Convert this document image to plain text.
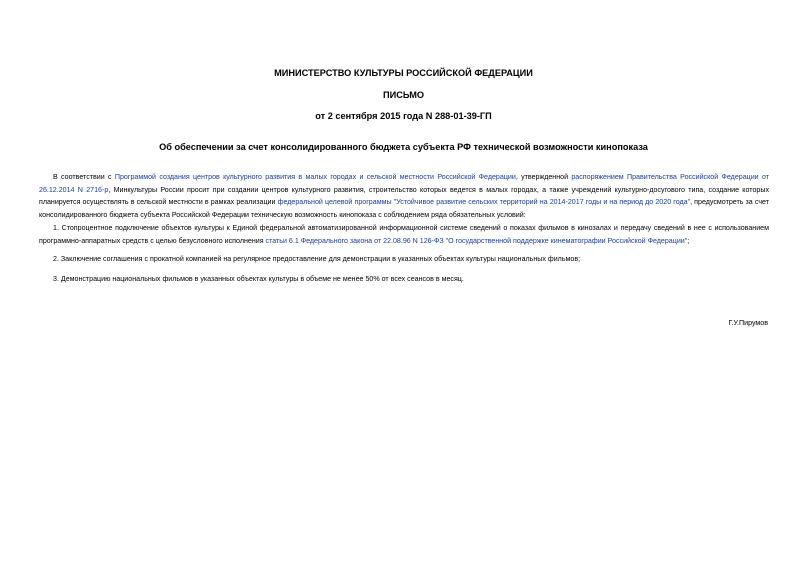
МИНИСТЕРСТВО КУЛЬТУРЫ РОССИЙСКОЙ ФЕДЕРАЦИИ
ПИСЬМО
от 2 сентября 2015 года N 288-01-39-ГП
Об обеспечении за счет консолидированного бюджета субъекта РФ технической возможности кинопоказа
В соответствии с Программой создания центров культурного развития в малых городах и сельской местности Российской Федерации, утвержденной распоряжением Правительства Российской Федерации от 26.12.2014 N 2716-р, Минкультуры России просит при создании центров культурного развития, строительство которых ведется в малых городах, а также учреждений культурно-досугового типа, создание которых планируется осуществлять в сельской местности в рамках реализации федеральной целевой программы "Устойчивое развитие сельских территорий на 2014-2017 годы и на период до 2020 года", предусмотреть за счет консолидированного бюджета субъекта Российской Федерации техническую возможность кинопоказа с соблюдением ряда обязательных условий:
1. Стопроцентное подключение объектов культуры к Единой федеральной автоматизированной информационной системе сведений о показах фильмов в кинозалах и передачу сведений в нее с использованием программно-аппаратных средств с целью безусловного исполнения статьи 6.1 Федерального закона от 22.08.96 N 126-ФЗ "О государственной поддержке кинематографии Российской Федерации";
2. Заключение соглашения с прокатной компанией на регулярное предоставление для демонстрации в указанных объектах культуры национальных фильмов;
3. Демонстрацию национальных фильмов в указанных объектах культуры в объеме не менее 50% от всех сеансов в месяц.
Г.У.Пирумов
